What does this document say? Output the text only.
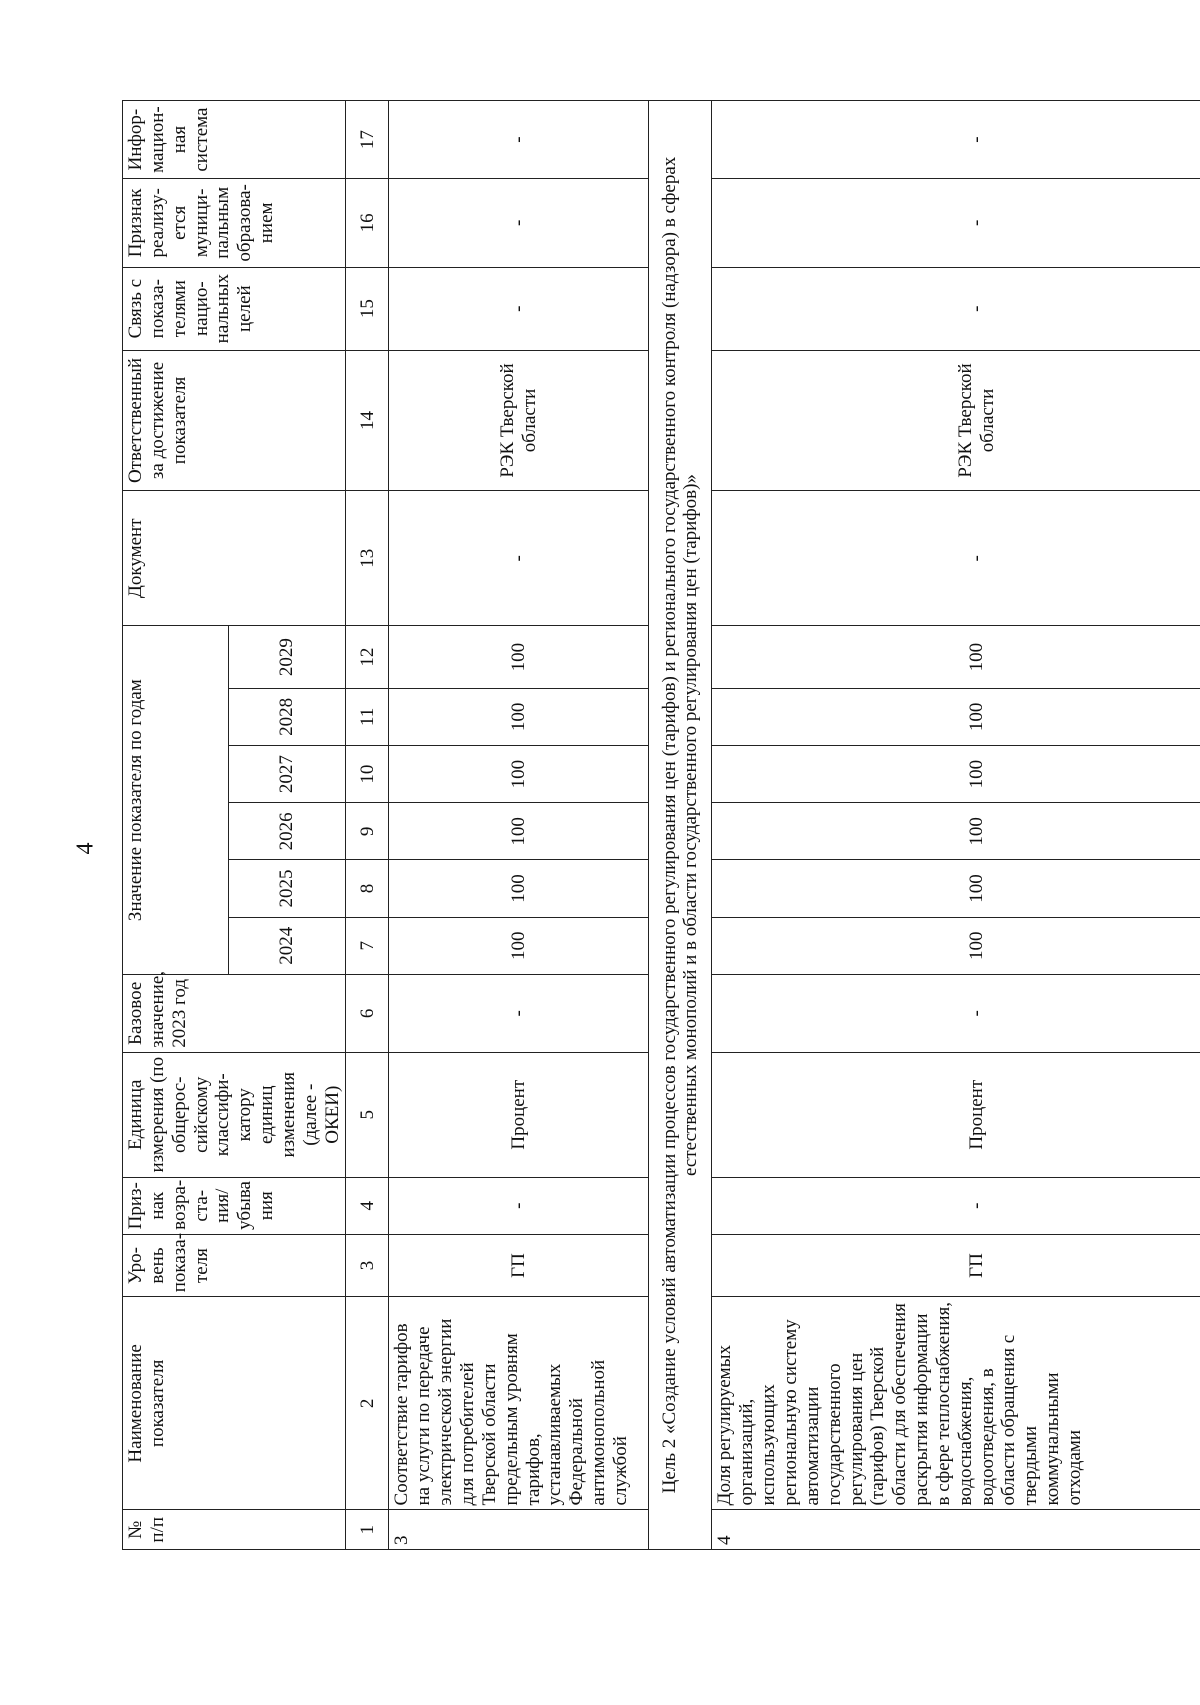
4
№ п/п	Наименование показателя	Уро-вень показа-теля	Приз-нак возра-ста-ния/ убыва ния	Единица измерения (по общерос-сийскому классифи-катору единиц изменения (далее - ОКЕИ)	Базовое значение, 2023 год	Значение показателя по годам						Документ	Ответственный за достижение показателя	Связь с показа-телями нацио-нальных целей	Признак реализу-ется муници-пальным образова-нием	Инфор-мацион-ная система
						2024	2025	2026	2027	2028	2029					
1	2	3	4	5	6	7	8	9	10	11	12	13	14	15	16	17
3	Соответствие тарифов на услуги по передаче электрической энергии для потребителей Тверской области предельным уровням тарифов, устанавливаемых Федеральной антимонопольной службой	ГП	-	Процент	-	100	100	100	100	100	100	-	РЭК Тверской области	-	-	-
Цель 2 «Создание условий автоматизации процессов государственного регулирования цен (тарифов) и регионального государственного контроля (надзора) в сферах естественных монополий и в области государственного регулирования цен (тарифов)»																
4	Доля регулируемых организаций, использующих региональную систему автоматизации государственного регулирования цен (тарифов) Тверской области для обеспечения раскрытия информации в сфере теплоснабжения, водоснабжения, водоотведения, в области обращения с твердыми коммунальными отходами	ГП	-	Процент	-	100	100	100	100	100	100	-	РЭК Тверской области	-	-	-
